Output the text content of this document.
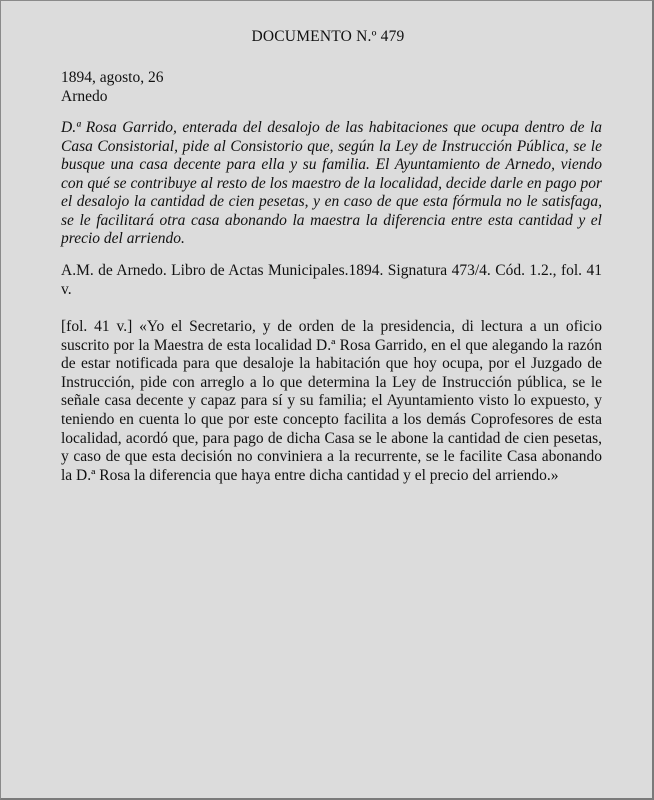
DOCUMENTO N.º 479
1894, agosto, 26
Arnedo

D.ª Rosa Garrido, enterada del desalojo de las habitaciones que ocupa dentro de la Casa Consistorial, pide al Consistorio que, según la Ley de Instrucción Pública, se le busque una casa decente para ella y su familia. El Ayuntamiento de Arnedo, viendo con qué se contribuye al resto de los maestro de la localidad, decide darle en pago por el desalojo la cantidad de cien pesetas, y en caso de que esta fórmula no le satisfaga, se le facilitará otra casa abonando la maestra la diferencia entre esta cantidad y el precio del arriendo.

A.M. de Arnedo. Libro de Actas Municipales.1894. Signatura 473/4. Cód. 1.2., fol. 41 v.

[fol. 41 v.] «Yo el Secretario, y de orden de la presidencia, di lectura a un oficio suscrito por la Maestra de esta localidad D.ª Rosa Garrido, en el que alegando la razón de estar notificada para que desaloje la habitación que hoy ocupa, por el Juzgado de Instrucción, pide con arreglo a lo que determina la Ley de Instrucción pública, se le señale casa decente y capaz para sí y su familia; el Ayuntamiento visto lo expuesto, y teniendo en cuenta lo que por este concepto facilita a los demás Coprofesores de esta localidad, acordó que, para pago de dicha Casa se le abone la cantidad de cien pesetas, y caso de que esta decisión no conviniera a la recurrente, se le facilite Casa abonando la D.ª Rosa la diferencia que haya entre dicha cantidad y el precio del arriendo.»
